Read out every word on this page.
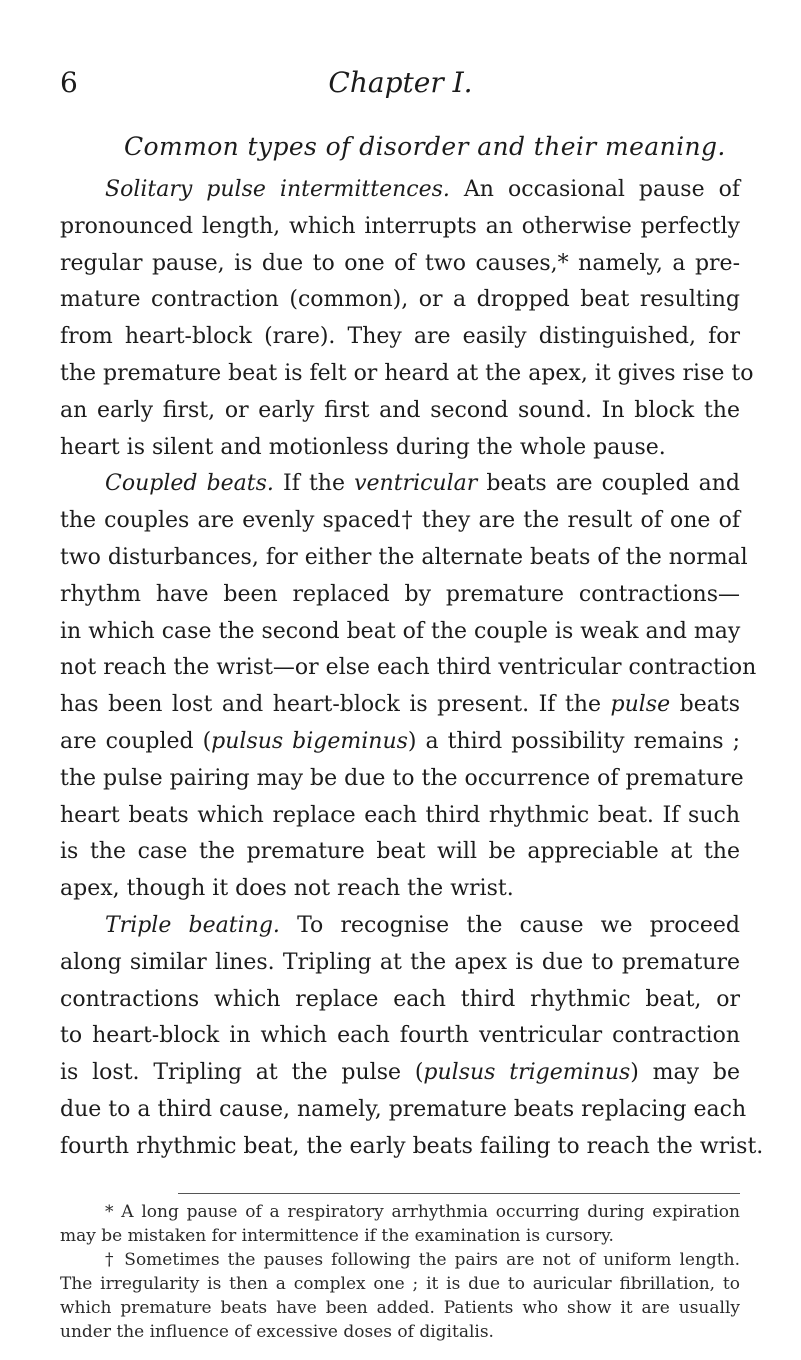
6	Chapter I.
Common types of disorder and their meaning.
Solitary pulse intermittences. An occasional pause of
pronounced length, which interrupts an otherwise perfectly
regular pause, is due to one of two causes,* namely, a pre-
mature contraction (common), or a dropped beat resulting
from heart-block (rare). They are easily distinguished, for
the premature beat is felt or heard at the apex, it gives rise to
an early first, or early first and second sound. In block the
heart is silent and motionless during the whole pause.
Coupled beats. If the ventricular beats are coupled and
the couples are evenly spaced† they are the result of one of
two disturbances, for either the alternate beats of the normal
rhythm have been replaced by premature contractions—
in which case the second beat of the couple is weak and may
not reach the wrist—or else each third ventricular contraction
has been lost and heart-block is present. If the pulse beats
are coupled (pulsus bigeminus) a third possibility remains ;
the pulse pairing may be due to the occurrence of premature
heart beats which replace each third rhythmic beat. If such
is the case the premature beat will be appreciable at the
apex, though it does not reach the wrist.
Triple beating. To recognise the cause we proceed
along similar lines. Tripling at the apex is due to premature
contractions which replace each third rhythmic beat, or
to heart-block in which each fourth ventricular contraction
is lost. Tripling at the pulse (pulsus trigeminus) may be
due to a third cause, namely, premature beats replacing each
fourth rhythmic beat, the early beats failing to reach the wrist.
* A long pause of a respiratory arrhythmia occurring during expiration
may be mistaken for intermittence if the examination is cursory.
† Sometimes the pauses following the pairs are not of uniform length.
The irregularity is then a complex one ; it is due to auricular fibrillation, to
which premature beats have been added. Patients who show it are usually
under the influence of excessive doses of digitalis.
